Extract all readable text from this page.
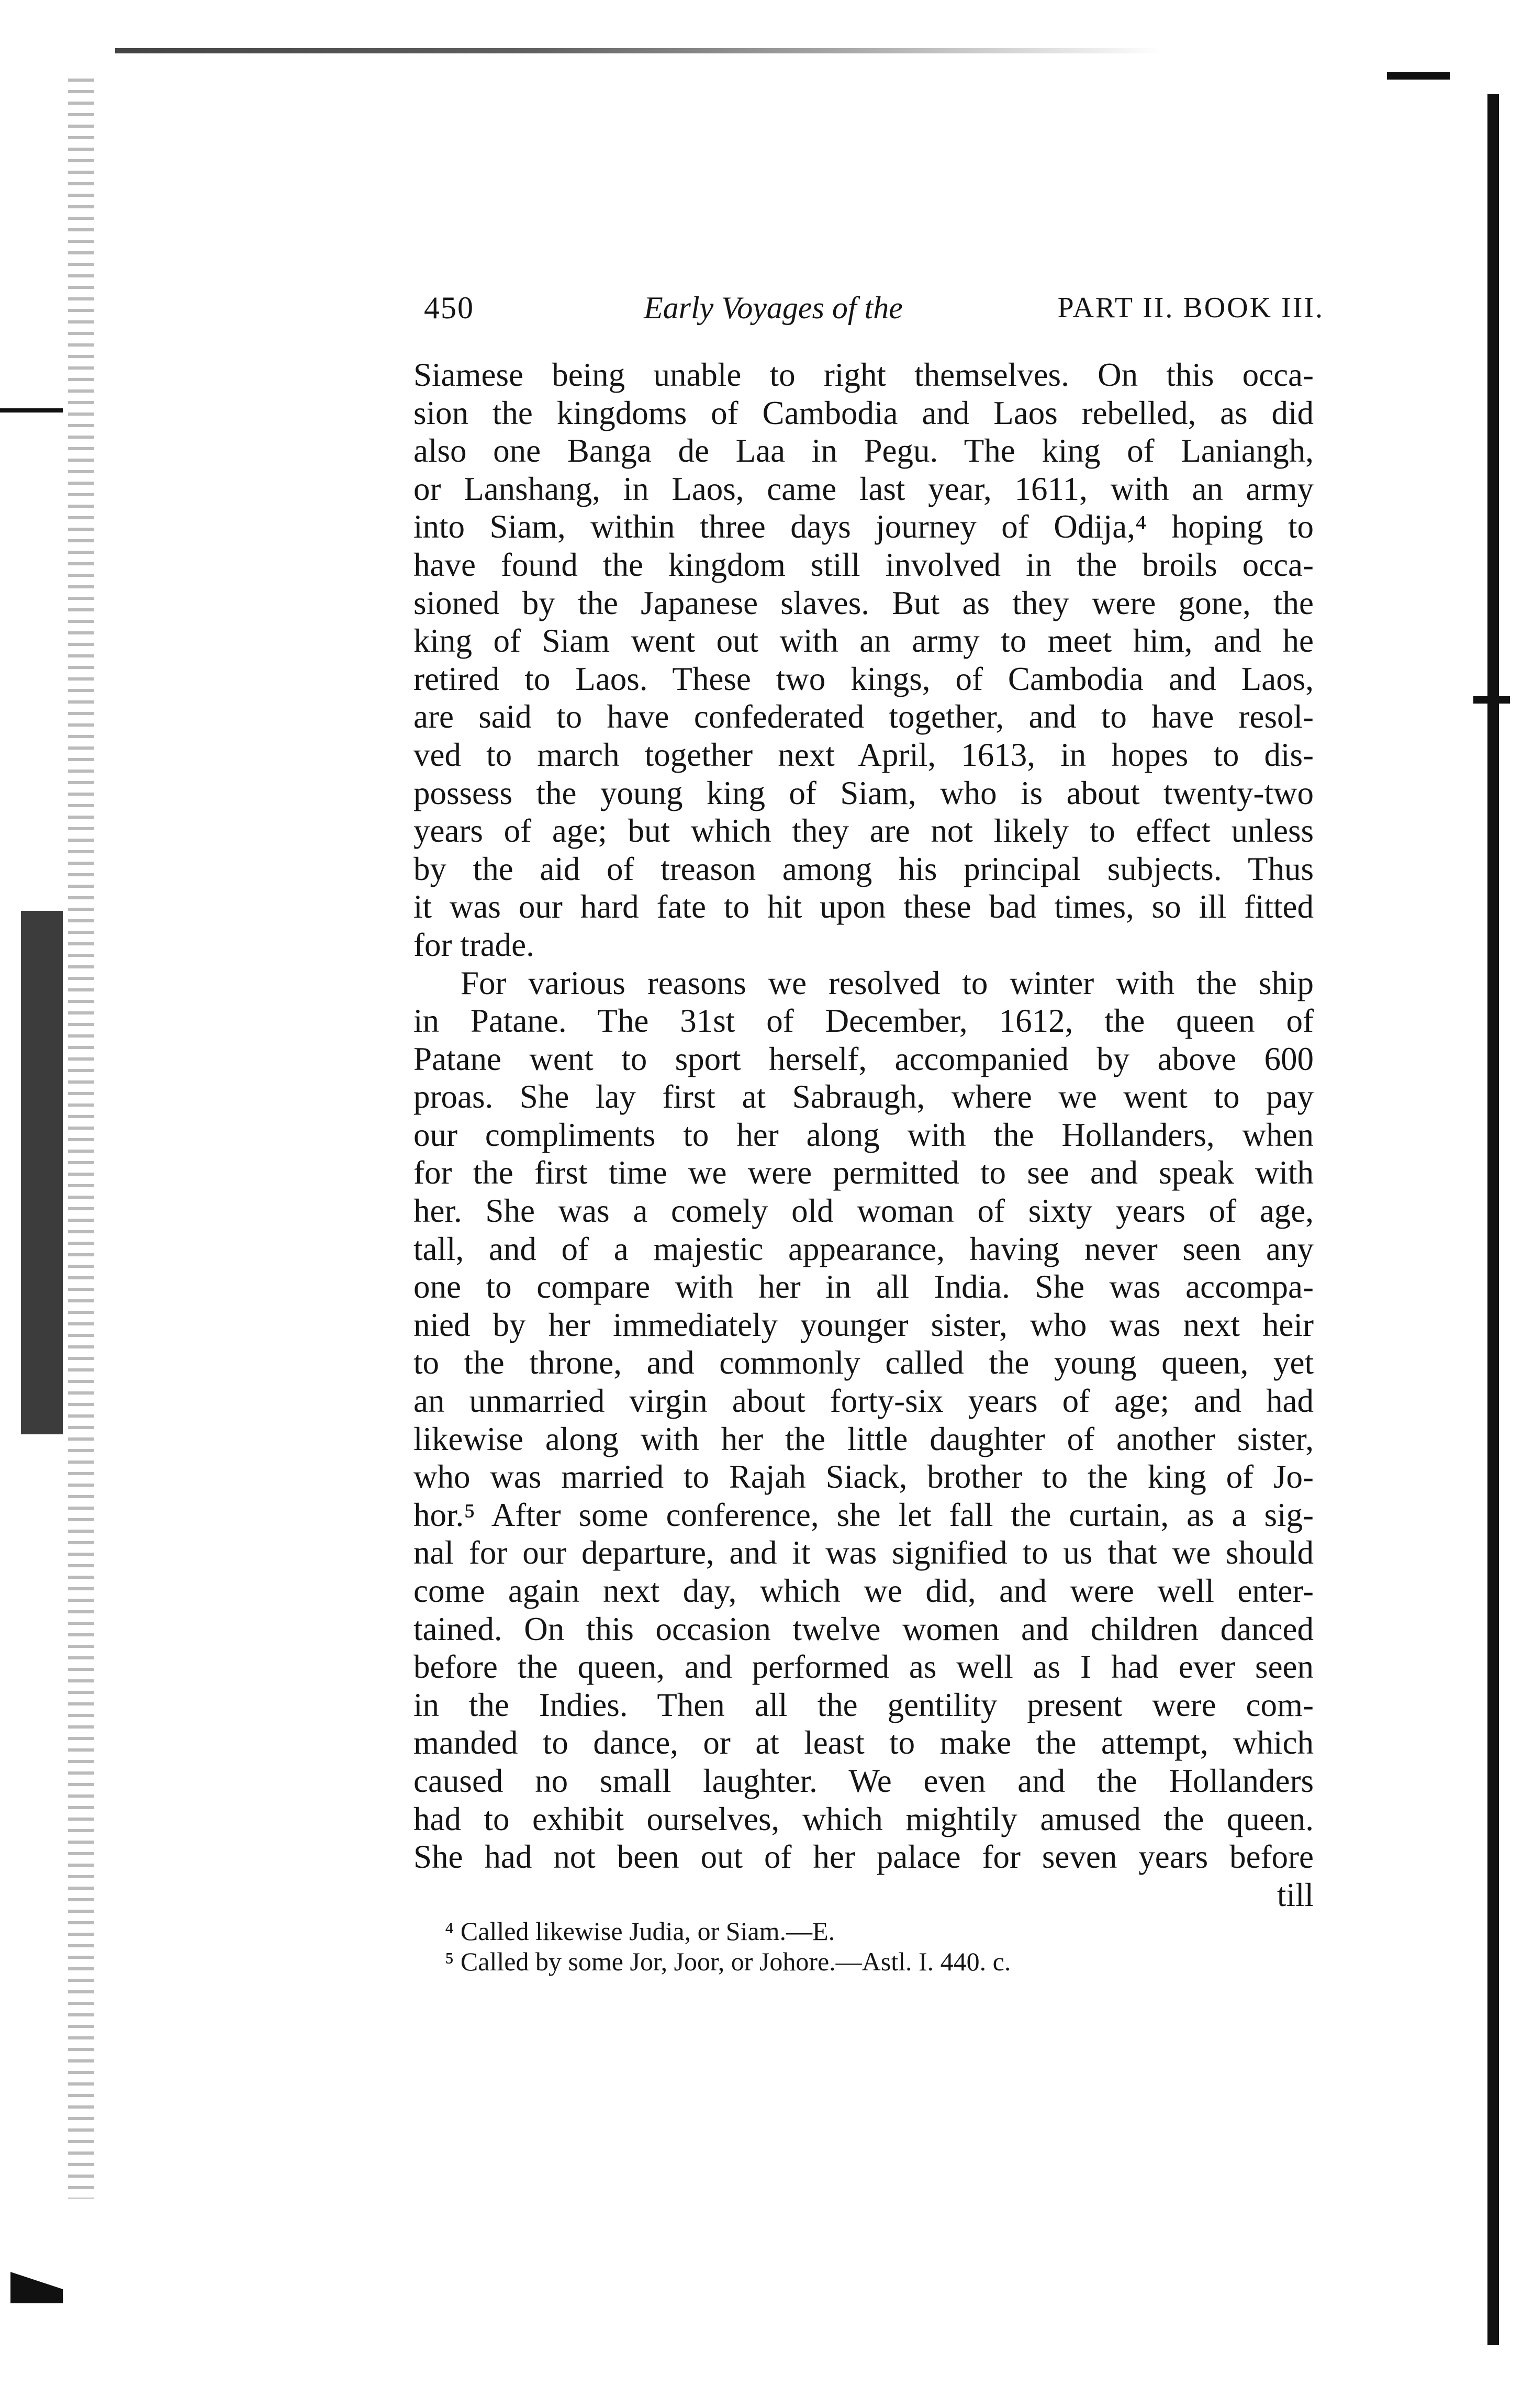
450	Early Voyages of the	PART II. BOOK III.
Siamese being unable to right themselves. On this occa-
sion the kingdoms of Cambodia and Laos rebelled, as did
also one Banga de Laa in Pegu. The king of Laniangh,
or Lanshang, in Laos, came last year, 1611, with an army
into Siam, within three days journey of Odija,⁴ hoping to
have found the kingdom still involved in the broils occa-
sioned by the Japanese slaves. But as they were gone, the
king of Siam went out with an army to meet him, and he
retired to Laos. These two kings, of Cambodia and Laos,
are said to have confederated together, and to have resol-
ved to march together next April, 1613, in hopes to dis-
possess the young king of Siam, who is about twenty-two
years of age; but which they are not likely to effect unless
by the aid of treason among his principal subjects. Thus
it was our hard fate to hit upon these bad times, so ill fitted
for trade.
For various reasons we resolved to winter with the ship
in Patane. The 31st of December, 1612, the queen of
Patane went to sport herself, accompanied by above 600
proas. She lay first at Sabraugh, where we went to pay
our compliments to her along with the Hollanders, when
for the first time we were permitted to see and speak with
her. She was a comely old woman of sixty years of age,
tall, and of a majestic appearance, having never seen any
one to compare with her in all India. She was accompa-
nied by her immediately younger sister, who was next heir
to the throne, and commonly called the young queen, yet
an unmarried virgin about forty-six years of age; and had
likewise along with her the little daughter of another sister,
who was married to Rajah Siack, brother to the king of Jo-
hor.⁵ After some conference, she let fall the curtain, as a sig-
nal for our departure, and it was signified to us that we should
come again next day, which we did, and were well enter-
tained. On this occasion twelve women and children danced
before the queen, and performed as well as I had ever seen
in the Indies. Then all the gentility present were com-
manded to dance, or at least to make the attempt, which
caused no small laughter. We even and the Hollanders
had to exhibit ourselves, which mightily amused the queen.
She had not been out of her palace for seven years before
till
⁴ Called likewise Judia, or Siam.—E.
⁵ Called by some Jor, Joor, or Johore.—Astl. I. 440. c.
